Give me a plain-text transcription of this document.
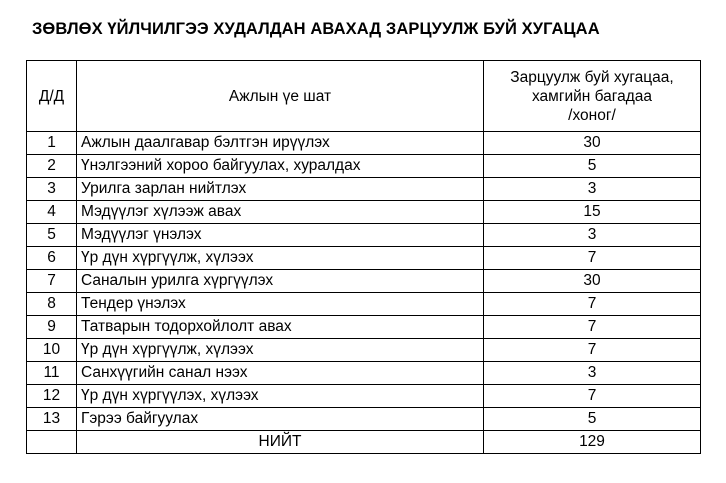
ЗӨВЛӨХ ҮЙЛЧИЛГЭЭ ХУДАЛДАН АВАХАД ЗАРЦУУЛЖ БУЙ ХУГАЦАА
Д/Д	Ажлын үе шат	Зарцуулж буй хугацаа,
хамгийн багадаа
/хоног/
1	Ажлын даалгавар бэлтгэн ирүүлэх	30
2	Үнэлгээний хороо байгуулах, хуралдах	5
3	Урилга зарлан нийтлэх	3
4	Мэдүүлэг хүлээж авах	15
5	Мэдүүлэг үнэлэх	3
6	Үр дүн хүргүүлж, хүлээх	7
7	Саналын урилга хүргүүлэх	30
8	Тендер үнэлэх	7
9	Татварын тодорхойлолт авах	7
10	Үр дүн хүргүүлж, хүлээх	7
11	Санхүүгийн санал нээх	3
12	Үр дүн хүргүүлэх, хүлээх	7
13	Гэрээ байгуулах	5
	НИЙТ	129
